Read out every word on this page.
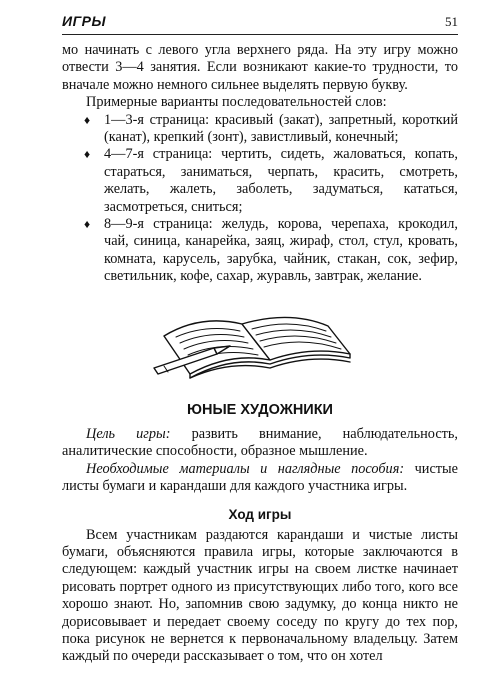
ИГРЫ	51

мо начинать с левого угла верхнего ряда. На эту игру можно отвести 3—4 занятия. Если возникают какие-то трудности, то вначале можно немного сильнее выделять первую букву.

Примерные варианты последовательностей слов:

♦ 1—3-я страница: красивый (закат), запретный, короткий (канат), крепкий (зонт), завистливый, конечный;
♦ 4—7-я страница: чертить, сидеть, жаловаться, копать, стараться, заниматься, черпать, красить, смотреть, желать, жалеть, заболеть, задуматься, кататься, засмотреться, сниться;
♦ 8—9-я страница: желудь, корова, черепаха, крокодил, чай, синица, канарейка, заяц, жираф, стол, стул, кровать, комната, карусель, зарубка, чайник, стакан, сок, зефир, светильник, кофе, сахар, журавль, завтрак, желание.
ЮНЫЕ ХУДОЖНИКИ

Цель игры: развить внимание, наблюдательность, аналитические способности, образное мышление.

Необходимые материалы и наглядные пособия: чистые листы бумаги и карандаши для каждого участника игры.

Ход игры

Всем участникам раздаются карандаши и чистые листы бумаги, объясняются правила игры, которые заключаются в следующем: каждый участник игры на своем листке начинает рисовать портрет одного из присутствующих либо того, кого все хорошо знают. Но, запомнив свою задумку, до конца никто не дорисовывает и передает своему соседу по кругу до тех пор, пока рисунок не вернется к первоначальному владельцу. Затем каждый по очереди рассказывает о том, что он хотел
